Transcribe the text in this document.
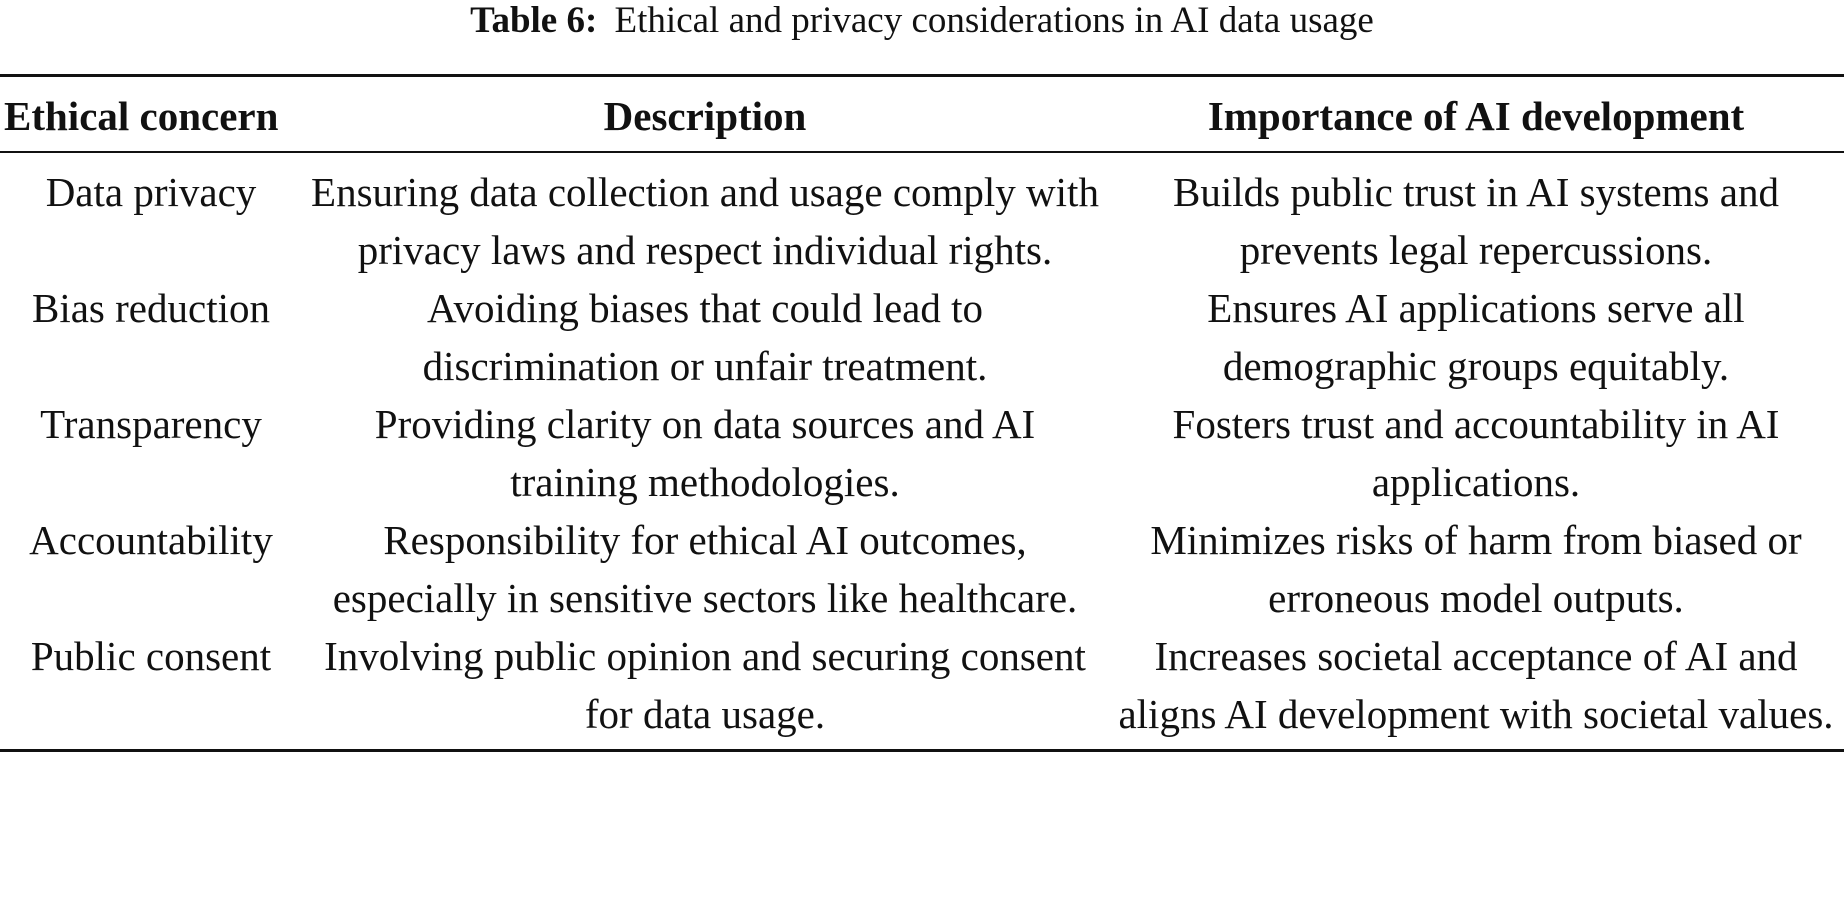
Table 6: Ethical and privacy considerations in AI data usage
Ethical concern	Description	Importance of AI development
Data privacy	Ensuring data collection and usage comply with privacy laws and respect individual rights.	Builds public trust in AI systems and prevents legal repercussions.
Bias reduction	Avoiding biases that could lead to discrimination or unfair treatment.	Ensures AI applications serve all demographic groups equitably.
Transparency	Providing clarity on data sources and AI training methodologies.	Fosters trust and accountability in AI applications.
Accountability	Responsibility for ethical AI outcomes, especially in sensitive sectors like healthcare.	Minimizes risks of harm from biased or erroneous model outputs.
Public consent	Involving public opinion and securing consent for data usage.	Increases societal acceptance of AI and aligns AI development with societal values.
